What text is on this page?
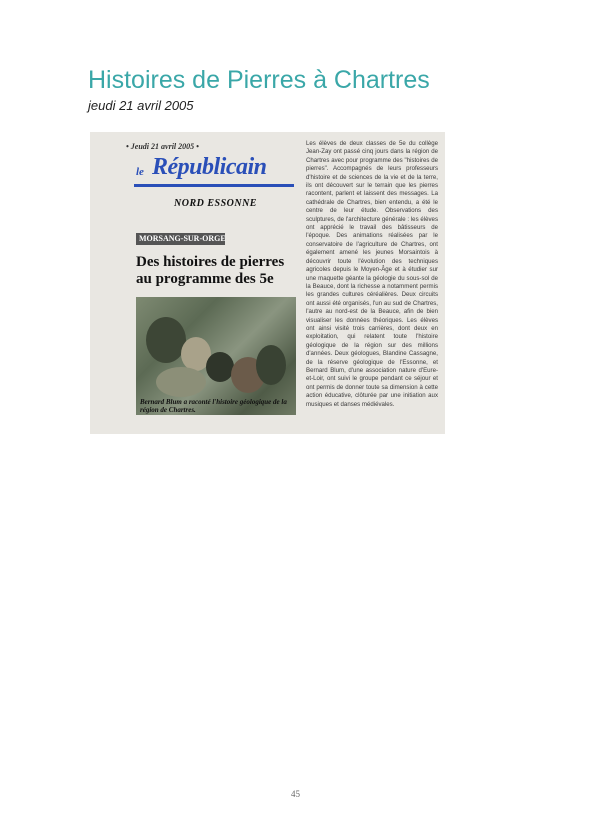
Histoires de Pierres à Chartres
jeudi 21 avril 2005
• Jeudi 21 avril 2005 •
le Républicain
NORD ESSONNE
MORSANG-SUR-ORGE
Des histoires de pierres au programme des 5e
Bernard Blum a raconté l'histoire géologique de la région de Chartres.
Les élèves de deux classes de 5e du collège Jean-Zay ont passé cinq jours dans la région de Chartres avec pour programme des "histoires de pierres". Accompagnés de leurs professeurs d'histoire et de sciences de la vie et de la terre, ils ont découvert sur le terrain que les pierres racontent, parlent et laissent des messages. La cathédrale de Chartres, bien entendu, a été le centre de leur étude. Observations des sculptures, de l'architecture générale : les élèves ont apprécié le travail des bâtisseurs de l'époque. Des animations réalisées par le conservatoire de l'agriculture de Chartres, ont également amené les jeunes Morsaintois à découvrir toute l'évolution des techniques agricoles depuis le Moyen-Âge et à étudier sur une maquette géante la géologie du sous-sol de la Beauce, dont la richesse a notamment permis les grandes cultures céréalières. Deux circuits ont aussi été organisés, l'un au sud de Chartres, l'autre au nord-est de la Beauce, afin de bien visualiser les données théoriques. Les élèves ont ainsi visité trois carrières, dont deux en exploitation, qui relatent toute l'histoire géologique de la région sur des millions d'années. Deux géologues, Blandine Cassagne, de la réserve géologique de l'Essonne, et Bernard Blum, d'une association nature d'Eure-et-Loir, ont suivi le groupe pendant ce séjour et ont permis de donner toute sa dimension à cette action éducative, clôturée par une initiation aux musiques et danses médiévales.
45
